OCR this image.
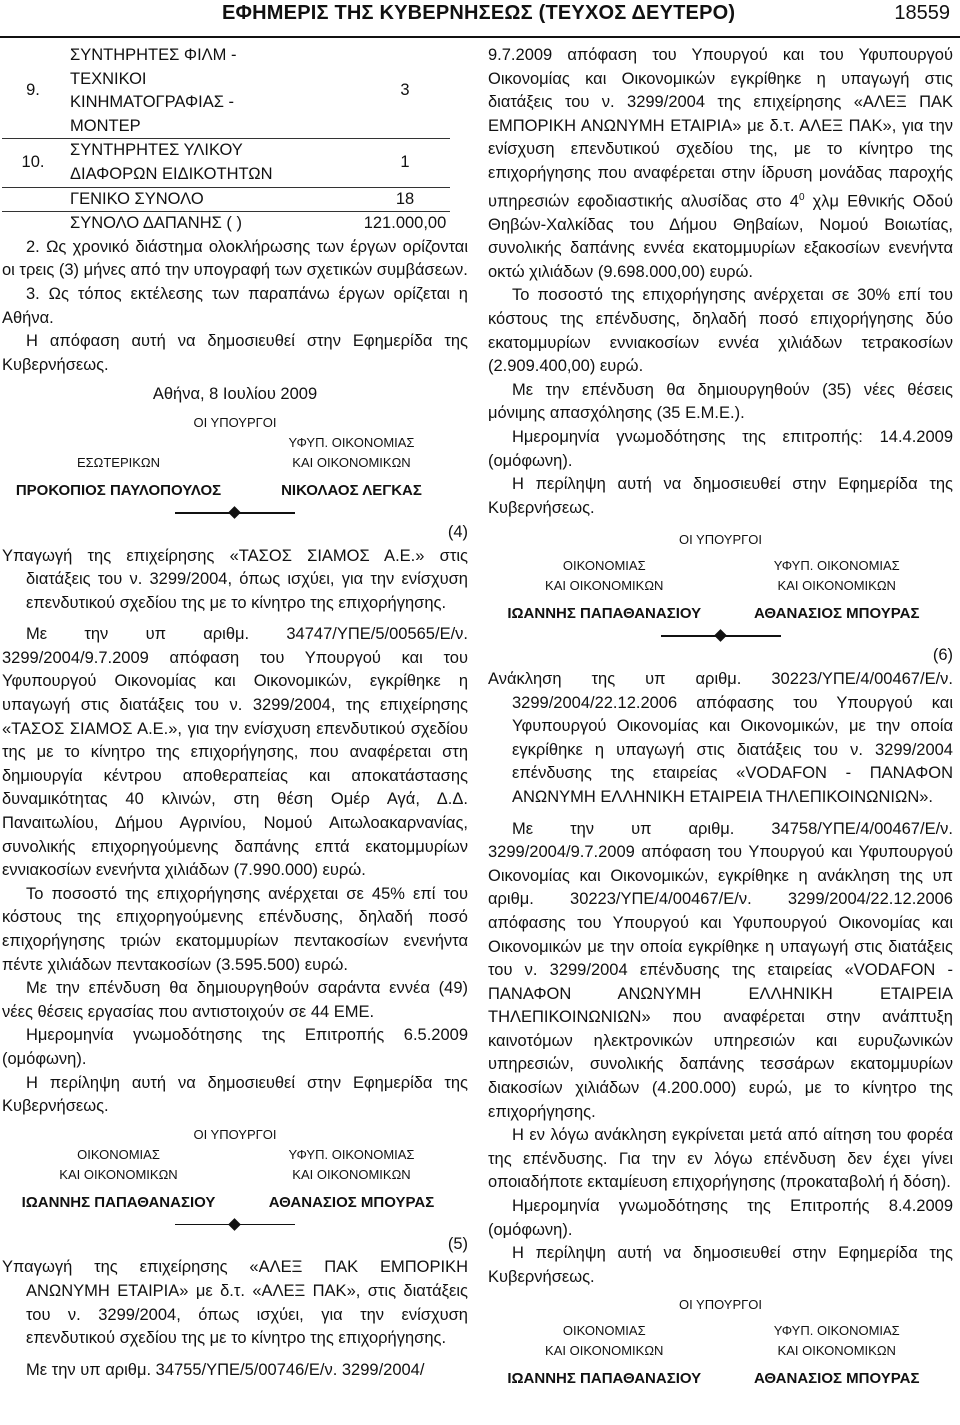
ΕΦΗΜΕΡΙΣ ΤΗΣ ΚΥΒΕΡΝΗΣΕΩΣ (ΤΕΥΧΟΣ ΔΕΥΤΕΡΟ)	18559
9.	ΣΥΝΤΗΡΗΤΕΣ ΦΙΛΜ -
ΤΕΧΝΙΚΟΙ
ΚΙΝΗΜΑΤΟΓΡΑΦΙΑΣ -
ΜΟΝΤΕΡ	3
10.	ΣΥΝΤΗΡΗΤΕΣ ΥΛΙΚΟΥ
ΔΙΑΦΟΡΩΝ ΕΙΔΙΚΟΤΗΤΩΝ	1
	ΓΕΝΙΚΟ ΣΥΝΟΛΟ	18
	ΣΥΝΟΛΟ ΔΑΠΑΝΗΣ ( )	121.000,00

2. Ως χρονικό διάστημα ολοκλήρωσης των έργων ορίζονται οι τρεις (3) μήνες από την υπογραφή των σχετικών συμβάσεων.

3. Ως τόπος εκτέλεσης των παραπάνω έργων ορίζεται η Αθήνα.

Η απόφαση αυτή να δημοσιευθεί στην Εφημερίδα της Κυβερνήσεως.

Αθήνα, 8 Ιουλίου 2009

ΟΙ ΥΠΟΥΡΓΟΙ

ΕΣΩΤΕΡΙΚΩΝ
ΠΡΟΚΟΠΙΟΣ ΠΑΥΛΟΠΟΥΛΟΣ
ΥΦΥΠ. ΟΙΚΟΝΟΜΙΑΣ
ΚΑΙ ΟΙΚΟΝΟΜΙΚΩΝ
ΝΙΚΟΛΑΟΣ ΛΕΓΚΑΣ

(4)

Υπαγωγή της επιχείρησης «ΤΑΣΟΣ ΣΙΑΜΟΣ Α.Ε.» στις διατάξεις του ν. 3299/2004, όπως ισχύει, για την ενίσχυση επενδυτικού σχεδίου της με το κίνητρο της επιχορήγησης.

Με την υπ αριθμ. 34747/ΥΠΕ/5/00565/Ε/ν. 3299/2004/9.7.2009 απόφαση του Υπουργού και του Υφυπουργού Οικονομίας και Οικονομικών, εγκρίθηκε η υπαγωγή στις διατάξεις του ν. 3299/2004, της επιχείρησης «ΤΑΣΟΣ ΣΙΑΜΟΣ Α.Ε.», για την ενίσχυση επενδυτικού σχεδίου της με το κίνητρο της επιχορήγησης, που αναφέρεται στη δημιουργία κέντρου αποθεραπείας και αποκατάστασης δυναμικότητας 40 κλινών, στη θέση Ομέρ Αγά, Δ.Δ. Παναιτωλίου, Δήμου Αγρινίου, Νομού Αιτωλοακαρνανίας, συνολικής επιχορηγούμενης δαπάνης επτά εκατομμυρίων εννιακοσίων ενενήντα χιλιάδων (7.990.000) ευρώ.

Το ποσοστό της επιχορήγησης ανέρχεται σε 45% επί του κόστους της επιχορηγούμενης επένδυσης, δηλαδή ποσό επιχορήγησης τριών εκατομμυρίων πεντακοσίων ενενήντα πέντε χιλιάδων πεντακοσίων (3.595.500) ευρώ.

Με την επένδυση θα δημιουργηθούν σαράντα εννέα (49) νέες θέσεις εργασίας που αντιστοιχούν σε 44 ΕΜΕ.

Ημερομηνία γνωμοδότησης της Επιτροπής 6.5.2009 (ομόφωνη).

Η περίληψη αυτή να δημοσιευθεί στην Εφημερίδα της Κυβερνήσεως.

ΟΙ ΥΠΟΥΡΓΟΙ
ΟΙΚΟΝΟΜΙΑΣ
ΚΑΙ ΟΙΚΟΝΟΜΙΚΩΝ
ΙΩΑΝΝΗΣ ΠΑΠΑΘΑΝΑΣΙΟΥ
ΥΦΥΠ. ΟΙΚΟΝΟΜΙΑΣ
ΚΑΙ ΟΙΚΟΝΟΜΙΚΩΝ
ΑΘΑΝΑΣΙΟΣ ΜΠΟΥΡΑΣ

(5)

Υπαγωγή της επιχείρησης «ΑΛΕΞ ΠΑΚ ΕΜΠΟΡΙΚΗ ΑΝΩΝΥΜΗ ΕΤΑΙΡΙΑ» με δ.τ. «ΑΛΕΞ ΠΑΚ», στις διατάξεις του ν. 3299/2004, όπως ισχύει, για την ενίσχυση επενδυτικού σχεδίου της με το κίνητρο της επιχορήγησης.

Με την υπ αριθμ. 34755/ΥΠΕ/5/00746/Ε/ν. 3299/2004/

9.7.2009 απόφαση του Υπουργού και του Υφυπουργού Οικονομίας και Οικονομικών εγκρίθηκε η υπαγωγή στις διατάξεις του ν. 3299/2004 της επιχείρησης «ΑΛΕΞ ΠΑΚ ΕΜΠΟΡΙΚΗ ΑΝΩΝΥΜΗ ΕΤΑΙΡΙΑ» με δ.τ. ΑΛΕΞ ΠΑΚ», για την ενίσχυση επενδυτικού σχεδίου της, με το κίνητρο της επιχορήγησης που αναφέρεται στην ίδρυση μονάδας παροχής υπηρεσιών εφοδιαστικής αλυσίδας στο $4^0$ χλμ Εθνικής Οδού Θηβών-Χαλκίδας του Δήμου Θηβαίων, Νομού Βοιωτίας, συνολικής δαπάνης εννέα εκατομμυρίων εξακοσίων ενενήντα οκτώ χιλιάδων (9.698.000,00) ευρώ.

Το ποσοστό της επιχορήγησης ανέρχεται σε 30% επί του κόστους της επένδυσης, δηλαδή ποσό επιχορήγησης δύο εκατομμυρίων εννιακοσίων εννέα χιλιάδων τετρακοσίων (2.909.400,00) ευρώ.

Με την επένδυση θα δημιουργηθούν (35) νέες θέσεις μόνιμης απασχόλησης (35 Ε.Μ.Ε.).

Ημερομηνία γνωμοδότησης της επιτροπής: 14.4.2009 (ομόφωνη).

Η περίληψη αυτή να δημοσιευθεί στην Εφημερίδα της Κυβερνήσεως.

ΟΙ ΥΠΟΥΡΓΟΙ
ΟΙΚΟΝΟΜΙΑΣ
ΚΑΙ ΟΙΚΟΝΟΜΙΚΩΝ
ΙΩΑΝΝΗΣ ΠΑΠΑΘΑΝΑΣΙΟΥ
ΥΦΥΠ. ΟΙΚΟΝΟΜΙΑΣ
ΚΑΙ ΟΙΚΟΝΟΜΙΚΩΝ
ΑΘΑΝΑΣΙΟΣ ΜΠΟΥΡΑΣ

(6)

Ανάκληση της υπ αριθμ. 30223/ΥΠΕ/4/00467/Ε/ν. 3299/2004/22.12.2006 απόφασης του Υπουργού και Υφυπουργού Οικονομίας και Οικονομικών, με την οποία εγκρίθηκε η υπαγωγή στις διατάξεις του ν. 3299/2004 επένδυσης της εταιρείας «VODAFON - ΠΑΝΑΦΟΝ ΑΝΩΝΥΜΗ ΕΛΛΗΝΙΚΗ ΕΤΑΙΡΕΙΑ ΤΗΛΕΠΙΚΟΙΝΩΝΙΩΝ».

Με την υπ αριθμ. 34758/ΥΠΕ/4/00467/Ε/ν. 3299/2004/9.7.2009 απόφαση του Υπουργού και Υφυπουργού Οικονομίας και Οικονομικών, εγκρίθηκε η ανάκληση της υπ αριθμ. 30223/ΥΠΕ/4/00467/Ε/ν. 3299/2004/22.12.2006 απόφασης του Υπουργού και Υφυπουργού Οικονομίας και Οικονομικών με την οποία εγκρίθηκε η υπαγωγή στις διατάξεις του ν. 3299/2004 επένδυσης της εταιρείας «VODAFON - ΠΑΝΑΦΟΝ ΑΝΩΝΥΜΗ ΕΛΛΗΝΙΚΗ ΕΤΑΙΡΕΙΑ ΤΗΛΕΠΙΚΟΙΝΩΝΙΩΝ» που αναφέρεται στην ανάπτυξη καινοτόμων ηλεκτρονικών υπηρεσιών και ευρυζωνικών υπηρεσιών, συνολικής δαπάνης τεσσάρων εκατομμυρίων διακοσίων χιλιάδων (4.200.000) ευρώ, με το κίνητρο της επιχορήγησης.

Η εν λόγω ανάκληση εγκρίνεται μετά από αίτηση του φορέα της επένδυσης. Για την εν λόγω επένδυση δεν έχει γίνει οποιαδήποτε εκταμίευση επιχορήγησης (προκαταβολή ή δόση).

Ημερομηνία γνωμοδότησης της Επιτροπής 8.4.2009 (ομόφωνη).

Η περίληψη αυτή να δημοσιευθεί στην Εφημερίδα της Κυβερνήσεως.

ΟΙ ΥΠΟΥΡΓΟΙ
ΟΙΚΟΝΟΜΙΑΣ
ΚΑΙ ΟΙΚΟΝΟΜΙΚΩΝ
ΙΩΑΝΝΗΣ ΠΑΠΑΘΑΝΑΣΙΟΥ
ΥΦΥΠ. ΟΙΚΟΝΟΜΙΑΣ
ΚΑΙ ΟΙΚΟΝΟΜΙΚΩΝ
ΑΘΑΝΑΣΙΟΣ ΜΠΟΥΡΑΣ
